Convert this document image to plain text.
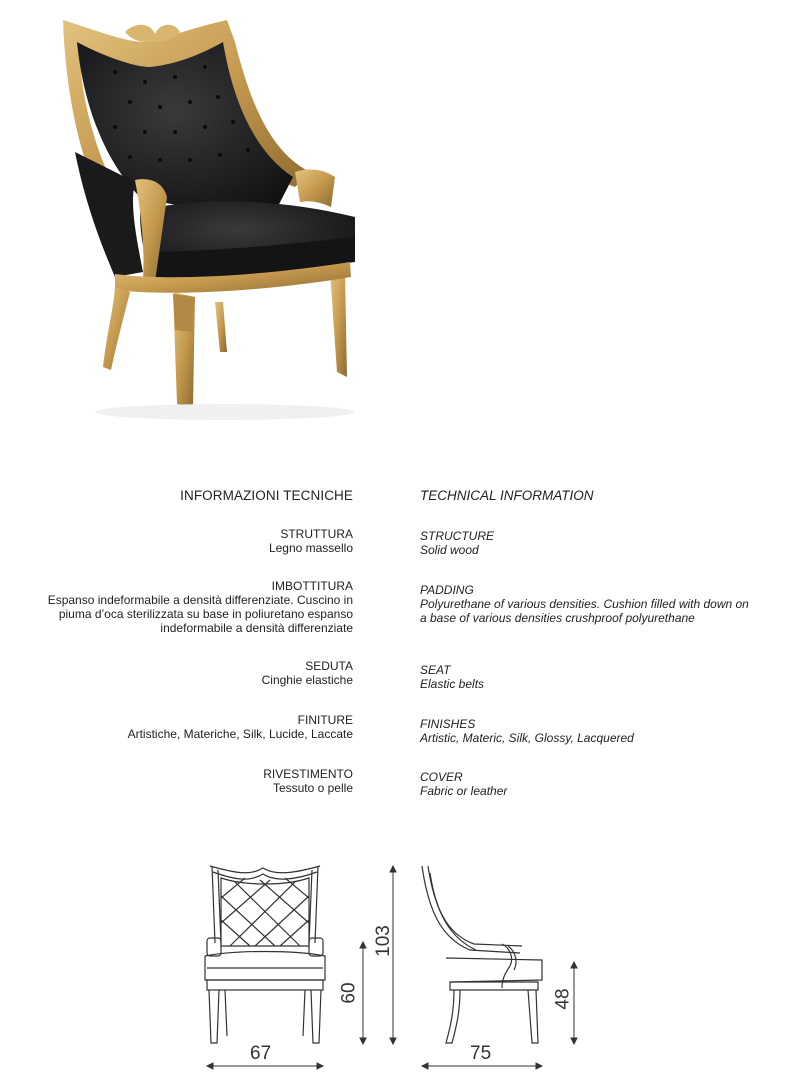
INFORMAZIONI TECNICHE	TECHNICAL INFORMATION
STRUTTURA
Legno massello
IMBOTTITURA
Espanso indeformabile a densità differenziate. Cuscino in
piuma d’oca sterilizzata su base in poliuretano espanso
indeformabile a densità differenziate
SEDUTA
Cinghie elastiche
FINITURE
Artistiche, Materiche, Silk, Lucide, Laccate
RIVESTIMENTO
Tessuto o pelle
STRUCTURE
Solid wood
PADDING
Polyurethane of various densities. Cushion filled with down on
a base of various densities crushproof polyurethane
SEAT
Elastic belts
FINISHES
Artistic, Materic, Silk, Glossy, Lacquered
COVER
Fabric or leather
67
103
60
75
48
